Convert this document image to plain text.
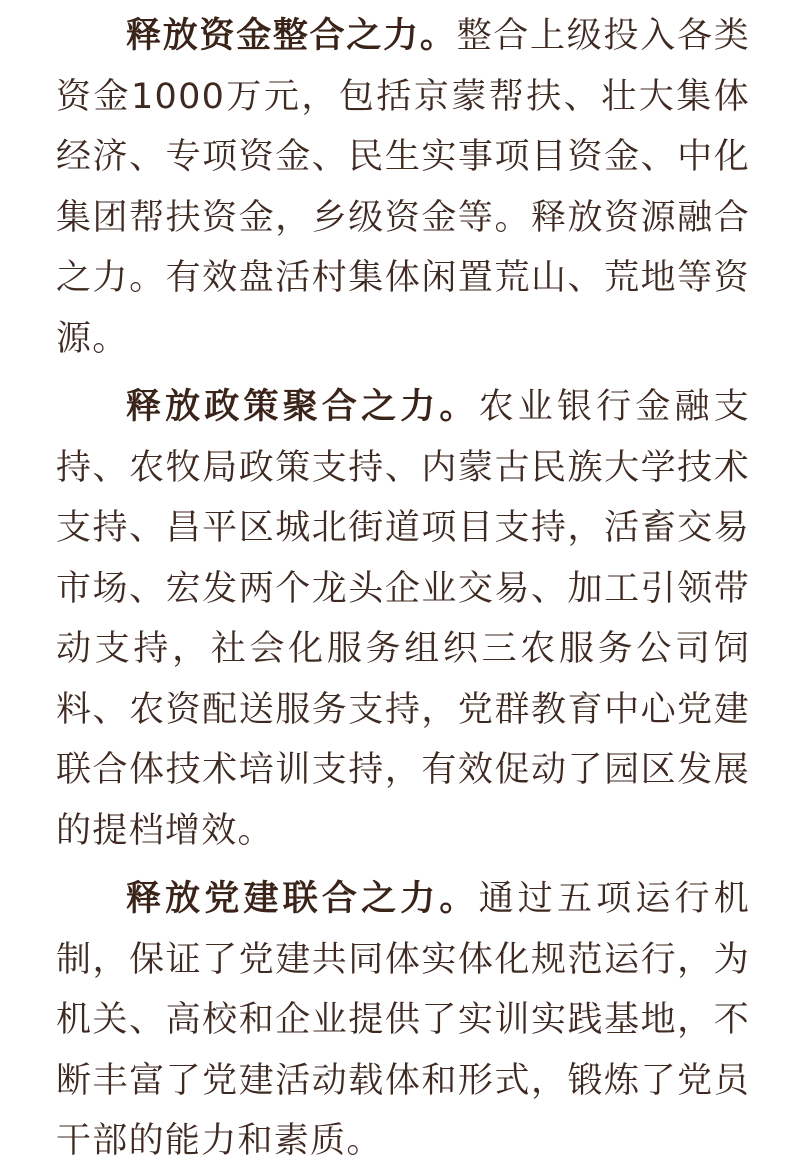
释放资金整合之力。整合上级投入各类资金1000万元，包括京蒙帮扶、壮大集体经济、专项资金、民生实事项目资金、中化集团帮扶资金，乡级资金等。释放资源融合之力。有效盘活村集体闲置荒山、荒地等资源。

释放政策聚合之力。农业银行金融支持、农牧局政策支持、内蒙古民族大学技术支持、昌平区城北街道项目支持，活畜交易市场、宏发两个龙头企业交易、加工引领带动支持，社会化服务组织三农服务公司饲料、农资配送服务支持，党群教育中心党建联合体技术培训支持，有效促动了园区发展的提档增效。

释放党建联合之力。通过五项运行机制，保证了党建共同体实体化规范运行，为机关、高校和企业提供了实训实践基地，不断丰富了党建活动载体和形式，锻炼了党员干部的能力和素质。
